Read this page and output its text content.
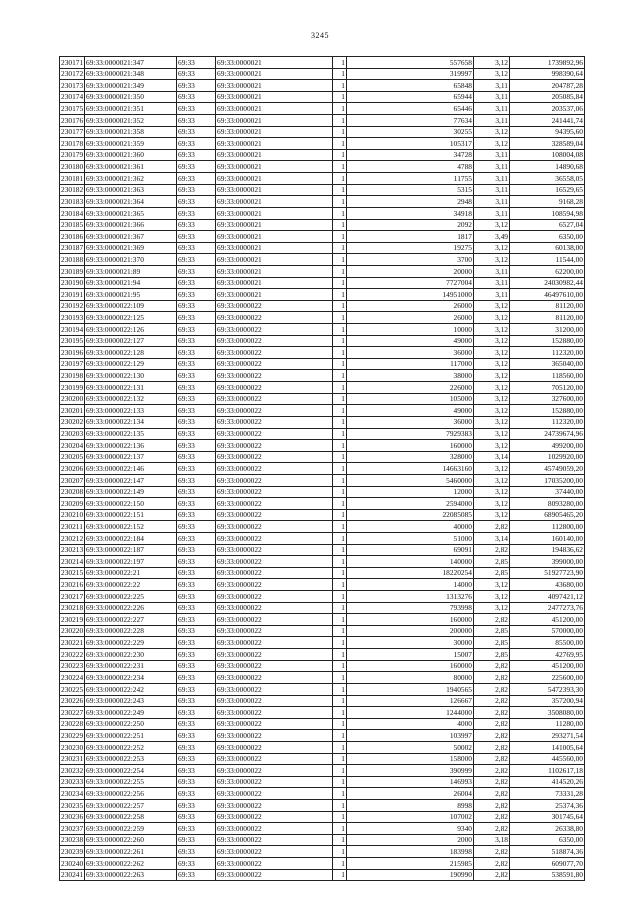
3245
230171	69:33:0000021:347	69:33	69:33:0000021	1	557658	3,12	1739892,96
230172	69:33:0000021:348	69:33	69:33:0000021	1	319997	3,12	998390,64
230173	69:33:0000021:349	69:33	69:33:0000021	1	65848	3,11	204787,28
230174	69:33:0000021:350	69:33	69:33:0000021	1	65944	3,11	205085,84
230175	69:33:0000021:351	69:33	69:33:0000021	1	65446	3,11	203537,06
230176	69:33:0000021:352	69:33	69:33:0000021	1	77634	3,11	241441,74
230177	69:33:0000021:358	69:33	69:33:0000021	1	30255	3,12	94395,60
230178	69:33:0000021:359	69:33	69:33:0000021	1	105317	3,12	328589,04
230179	69:33:0000021:360	69:33	69:33:0000021	1	34728	3,11	108004,08
230180	69:33:0000021:361	69:33	69:33:0000021	1	4788	3,11	14890,68
230181	69:33:0000021:362	69:33	69:33:0000021	1	11755	3,11	36558,05
230182	69:33:0000021:363	69:33	69:33:0000021	1	5315	3,11	16529,65
230183	69:33:0000021:364	69:33	69:33:0000021	1	2948	3,11	9168,28
230184	69:33:0000021:365	69:33	69:33:0000021	1	34918	3,11	108594,98
230185	69:33:0000021:366	69:33	69:33:0000021	1	2092	3,12	6527,04
230186	69:33:0000021:367	69:33	69:33:0000021	1	1817	3,49	6350,00
230187	69:33:0000021:369	69:33	69:33:0000021	1	19275	3,12	60138,00
230188	69:33:0000021:370	69:33	69:33:0000021	1	3700	3,12	11544,00
230189	69:33:0000021:89	69:33	69:33:0000021	1	20000	3,11	62200,00
230190	69:33:0000021:94	69:33	69:33:0000021	1	7727004	3,11	24030982,44
230191	69:33:0000021:95	69:33	69:33:0000021	1	14951000	3,11	46497610,00
230192	69:33:0000022:109	69:33	69:33:0000022	1	26000	3,12	81120,00
230193	69:33:0000022:125	69:33	69:33:0000022	1	26000	3,12	81120,00
230194	69:33:0000022:126	69:33	69:33:0000022	1	10000	3,12	31200,00
230195	69:33:0000022:127	69:33	69:33:0000022	1	49000	3,12	152880,00
230196	69:33:0000022:128	69:33	69:33:0000022	1	36000	3,12	112320,00
230197	69:33:0000022:129	69:33	69:33:0000022	1	117000	3,12	365040,00
230198	69:33:0000022:130	69:33	69:33:0000022	1	38000	3,12	118560,00
230199	69:33:0000022:131	69:33	69:33:0000022	1	226000	3,12	705120,00
230200	69:33:0000022:132	69:33	69:33:0000022	1	105000	3,12	327600,00
230201	69:33:0000022:133	69:33	69:33:0000022	1	49000	3,12	152880,00
230202	69:33:0000022:134	69:33	69:33:0000022	1	36000	3,12	112320,00
230203	69:33:0000022:135	69:33	69:33:0000022	1	7929383	3,12	24739674,96
230204	69:33:0000022:136	69:33	69:33:0000022	1	160000	3,12	499200,00
230205	69:33:0000022:137	69:33	69:33:0000022	1	328000	3,14	1029920,00
230206	69:33:0000022:146	69:33	69:33:0000022	1	14663160	3,12	45749059,20
230207	69:33:0000022:147	69:33	69:33:0000022	1	5460000	3,12	17035200,00
230208	69:33:0000022:149	69:33	69:33:0000022	1	12000	3,12	37440,00
230209	69:33:0000022:150	69:33	69:33:0000022	1	2594000	3,12	8093280,00
230210	69:33:0000022:151	69:33	69:33:0000022	1	22085085	3,12	68905465,20
230211	69:33:0000022:152	69:33	69:33:0000022	1	40000	2,82	112800,00
230212	69:33:0000022:184	69:33	69:33:0000022	1	51000	3,14	160140,00
230213	69:33:0000022:187	69:33	69:33:0000022	1	69091	2,82	194836,62
230214	69:33:0000022:197	69:33	69:33:0000022	1	140000	2,85	399000,00
230215	69:33:0000022:21	69:33	69:33:0000022	1	18220254	2,85	51927723,90
230216	69:33:0000022:22	69:33	69:33:0000022	1	14000	3,12	43680,00
230217	69:33:0000022:225	69:33	69:33:0000022	1	1313276	3,12	4097421,12
230218	69:33:0000022:226	69:33	69:33:0000022	1	793998	3,12	2477273,76
230219	69:33:0000022:227	69:33	69:33:0000022	1	160000	2,82	451200,00
230220	69:33:0000022:228	69:33	69:33:0000022	1	200000	2,85	570000,00
230221	69:33:0000022:229	69:33	69:33:0000022	1	30000	2,85	85500,00
230222	69:33:0000022:230	69:33	69:33:0000022	1	15007	2,85	42769,95
230223	69:33:0000022:231	69:33	69:33:0000022	1	160000	2,82	451200,00
230224	69:33:0000022:234	69:33	69:33:0000022	1	80000	2,82	225600,00
230225	69:33:0000022:242	69:33	69:33:0000022	1	1940565	2,82	5472393,30
230226	69:33:0000022:243	69:33	69:33:0000022	1	126667	2,82	357200,94
230227	69:33:0000022:249	69:33	69:33:0000022	1	1244000	2,82	3508080,00
230228	69:33:0000022:250	69:33	69:33:0000022	1	4000	2,82	11280,00
230229	69:33:0000022:251	69:33	69:33:0000022	1	103997	2,82	293271,54
230230	69:33:0000022:252	69:33	69:33:0000022	1	50002	2,82	141005,64
230231	69:33:0000022:253	69:33	69:33:0000022	1	158000	2,82	445560,00
230232	69:33:0000022:254	69:33	69:33:0000022	1	390999	2,82	1102617,18
230233	69:33:0000022:255	69:33	69:33:0000022	1	146993	2,82	414520,26
230234	69:33:0000022:256	69:33	69:33:0000022	1	26004	2,82	73331,28
230235	69:33:0000022:257	69:33	69:33:0000022	1	8998	2,82	25374,36
230236	69:33:0000022:258	69:33	69:33:0000022	1	107002	2,82	301745,64
230237	69:33:0000022:259	69:33	69:33:0000022	1	9340	2,82	26338,80
230238	69:33:0000022:260	69:33	69:33:0000022	1	2000	3,18	6350,00
230239	69:33:0000022:261	69:33	69:33:0000022	1	183998	2,82	518874,36
230240	69:33:0000022:262	69:33	69:33:0000022	1	215985	2,82	609077,70
230241	69:33:0000022:263	69:33	69:33:0000022	1	190990	2,82	538591,80
